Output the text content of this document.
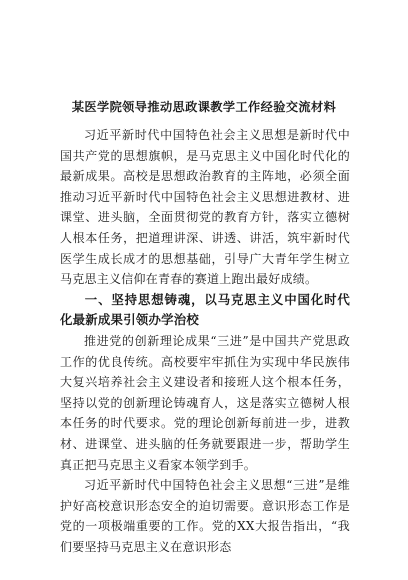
某医学院领导推动思政课教学工作经验交流材料

习近平新时代中国特色社会主义思想是新时代中国共产党的思想旗帜，是马克思主义中国化时代化的最新成果。高校是思想政治教育的主阵地，必须全面推动习近平新时代中国特色社会主义思想进教材、进课堂、进头脑，全面贯彻党的教育方针，落实立德树人根本任务，把道理讲深、讲透、讲活，筑牢新时代医学生成长成才的思想基础，引导广大青年学生树立马克思主义信仰在青春的赛道上跑出最好成绩。

一、坚持思想铸魂，以马克思主义中国化时代化最新成果引领办学治校

推进党的创新理论成果“三进”是中国共产党思政工作的优良传统。高校要牢牢抓住为实现中华民族伟大复兴培养社会主义建设者和接班人这个根本任务，坚持以党的创新理论铸魂育人，这是落实立德树人根本任务的时代要求。党的理论创新每前进一步，进教材、进课堂、进头脑的任务就要跟进一步，帮助学生真正把马克思主义看家本领学到手。

习近平新时代中国特色社会主义思想“三进”是维护好高校意识形态安全的迫切需要。意识形态工作是党的一项极端重要的工作。党的XX大报告指出，“我们要坚持马克思主义在意识形态
